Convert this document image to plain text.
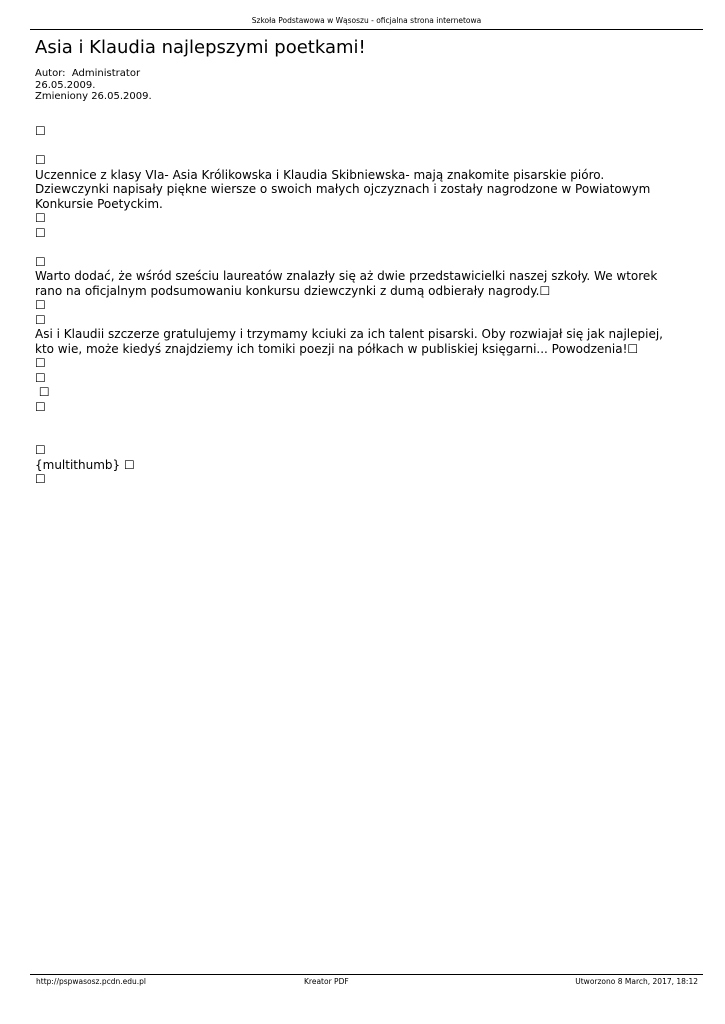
Szkoła Podstawowa w Wąsoszu - oficjalna strona internetowa
Asia i Klaudia najlepszymi poetkami!
Autor:  Administrator
26.05.2009.
Zmieniony 26.05.2009.
☐
☐
Uczennice z klasy VIa- Asia Królikowska i Klaudia Skibniewska- mają znakomite pisarskie pióro.
Dziewczynki napisały piękne wiersze o swoich małych ojczyznach i zostały nagrodzone w Powiatowym
Konkursie Poetyckim.
☐
☐
☐
Warto dodać, że wśród sześciu laureatów znalazły się aż dwie przedstawicielki naszej szkoły. We wtorek
rano na oficjalnym podsumowaniu konkursu dziewczynki z dumą odbierały nagrody.☐
☐
☐
Asi i Klaudii szczerze gratulujemy i trzymamy kciuki za ich talent pisarski. Oby rozwiajał się jak najlepiej,
kto wie, może kiedyś znajdziemy ich tomiki poezji na półkach w publiskiej księgarni... Powodzenia!☐
☐
☐
☐
☐
☐
{multithumb} ☐
☐
http://pspwasosz.pcdn.edu.pl	Kreator PDF	Utworzono 8 March, 2017, 18:12
